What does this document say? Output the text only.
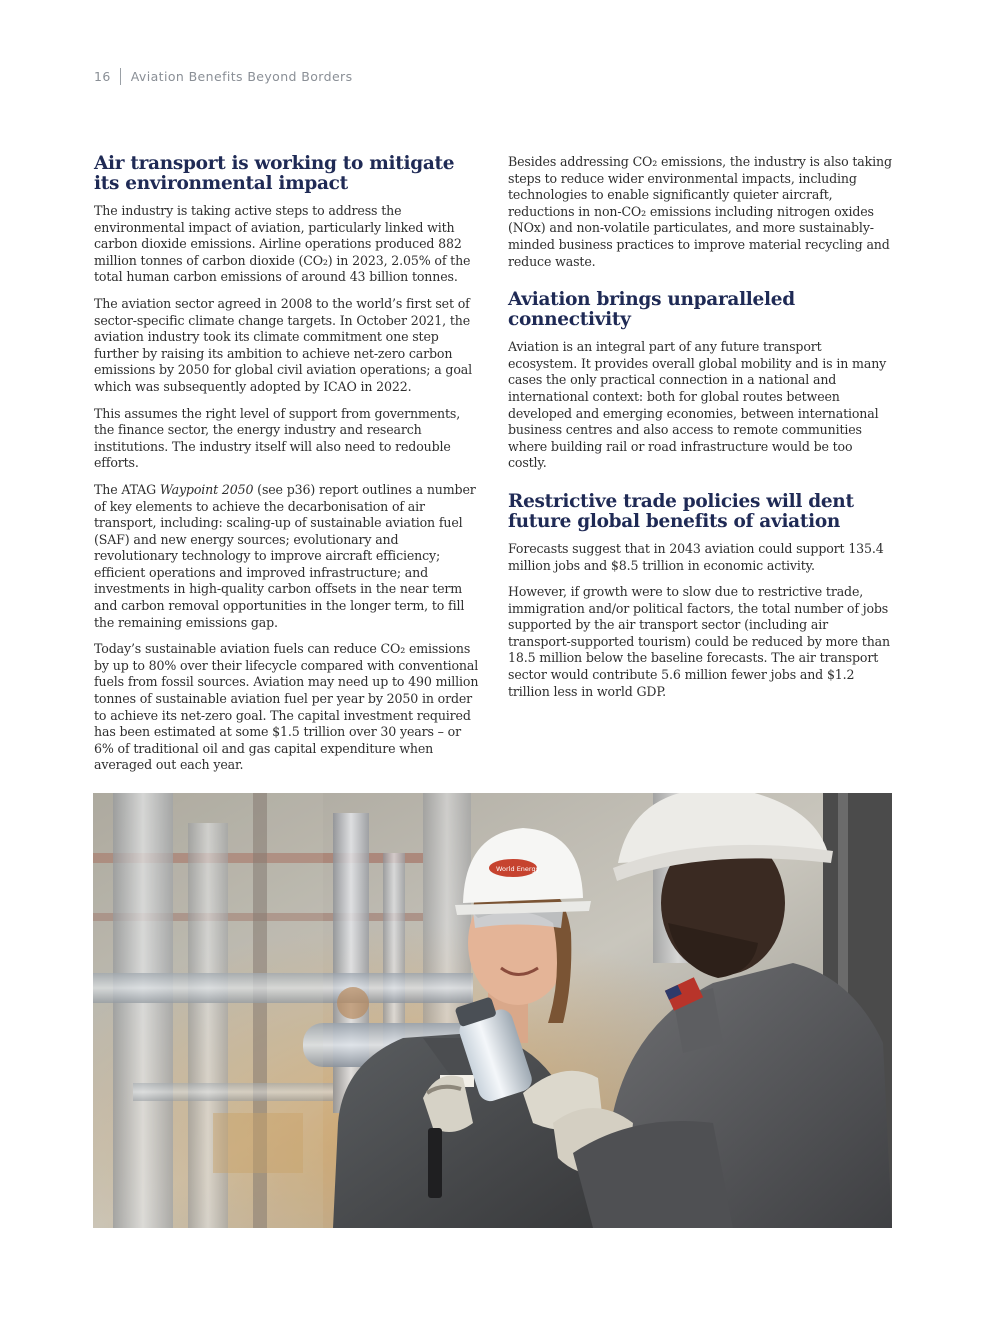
16 Aviation Benefits Beyond Borders
Air transport is working to mitigate its environmental impact

The industry is taking active steps to address the environmental impact of aviation, particularly linked with carbon dioxide emissions. Airline operations produced 882 million tonnes of carbon dioxide (CO₂) in 2023, 2.05% of the total human carbon emissions of around 43 billion tonnes.

The aviation sector agreed in 2008 to the world’s first set of sector-specific climate change targets. In October 2021, the aviation industry took its climate commitment one step further by raising its ambition to achieve net-zero carbon emissions by 2050 for global civil aviation operations; a goal which was subsequently adopted by ICAO in 2022.

This assumes the right level of support from governments, the finance sector, the energy industry and research institutions. The industry itself will also need to redouble efforts.

The ATAG Waypoint 2050 (see p36) report outlines a number of key elements to achieve the decarbonisation of air transport, including: scaling-up of sustainable aviation fuel (SAF) and new energy sources; evolutionary and revolutionary technology to improve aircraft efficiency; efficient operations and improved infrastructure; and investments in high-quality carbon offsets in the near term and carbon removal opportunities in the longer term, to fill the remaining emissions gap.

Today’s sustainable aviation fuels can reduce CO₂ emissions by up to 80% over their lifecycle compared with conventional fuels from fossil sources. Aviation may need up to 490 million tonnes of sustainable aviation fuel per year by 2050 in order to achieve its net-zero goal. The capital investment required has been estimated at some $1.5 trillion over 30 years – or 6% of traditional oil and gas capital expenditure when averaged out each year.

Besides addressing CO₂ emissions, the industry is also taking steps to reduce wider environmental impacts, including technologies to enable significantly quieter aircraft, reductions in non-CO₂ emissions including nitrogen oxides (NOx) and non-volatile particulates, and more sustainably-minded business practices to improve material recycling and reduce waste.

Aviation brings unparalleled connectivity

Aviation is an integral part of any future transport ecosystem. It provides overall global mobility and is in many cases the only practical connection in a national and international context: both for global routes between developed and emerging economies, between international business centres and also access to remote communities where building rail or road infrastructure would be too costly.

Restrictive trade policies will dent future global benefits of aviation

Forecasts suggest that in 2043 aviation could support 135.4 million jobs and $8.5 trillion in economic activity.

However, if growth were to slow due to restrictive trade, immigration and/or political factors, the total number of jobs supported by the air transport sector (including air transport-supported tourism) could be reduced by more than 18.5 million below the baseline forecasts. The air transport sector would contribute 5.6 million fewer jobs and $1.2 trillion less in world GDP.

World Energy
